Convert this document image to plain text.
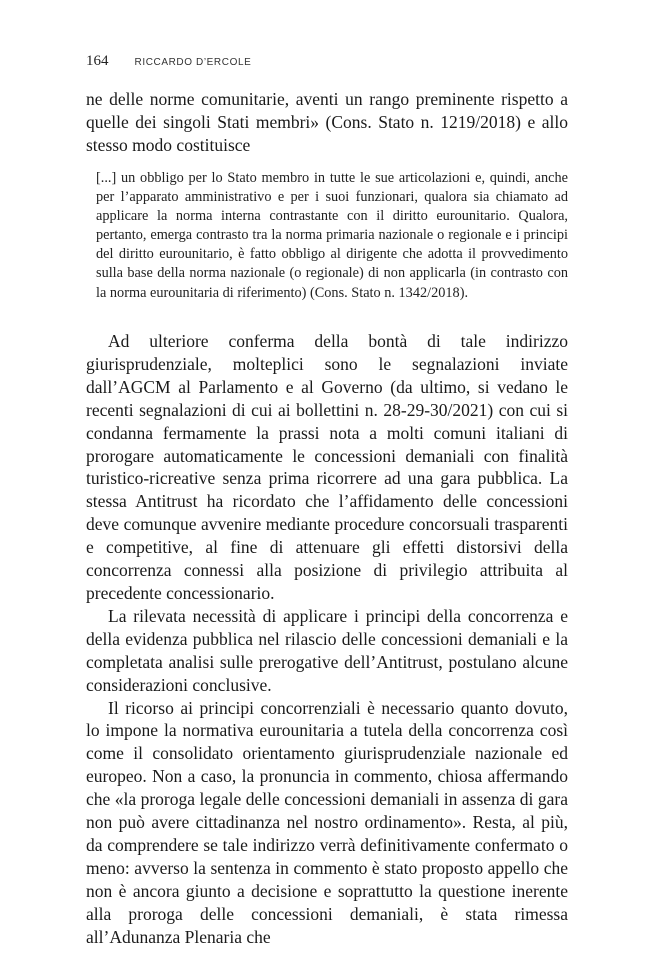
164	RICCARDO D’ERCOLE

ne delle norme comunitarie, aventi un rango preminente rispetto a quelle dei singoli Stati membri» (Cons. Stato n. 1219/2018) e allo stesso modo costituisce

[...] un obbligo per lo Stato membro in tutte le sue articolazioni e, quindi, anche per l’apparato amministrativo e per i suoi funzionari, qualora sia chiamato ad applicare la norma interna contrastante con il diritto eurounitario. Qualora, pertanto, emerga contrasto tra la norma primaria nazionale o regionale e i principi del diritto eurounitario, è fatto obbligo al dirigente che adotta il provvedimento sulla base della norma nazionale (o regionale) di non applicarla (in contrasto con la norma eurounitaria di riferimento) (Cons. Stato n. 1342/2018).

Ad ulteriore conferma della bontà di tale indirizzo giurisprudenziale, molteplici sono le segnalazioni inviate dall’AGCM al Parlamento e al Governo (da ultimo, si vedano le recenti segnalazioni di cui ai bollettini n. 28-29-30/2021) con cui si condanna fermamente la prassi nota a molti comuni italiani di prorogare automaticamente le concessioni demaniali con finalità turistico-ricreative senza prima ricorrere ad una gara pubblica. La stessa Antitrust ha ricordato che l’affidamento delle concessioni deve comunque avvenire mediante procedure concorsuali trasparenti e competitive, al fine di attenuare gli effetti distorsivi della concorrenza connessi alla posizione di privilegio attribuita al precedente concessionario.

La rilevata necessità di applicare i principi della concorrenza e della evidenza pubblica nel rilascio delle concessioni demaniali e la completata analisi sulle prerogative dell’Antitrust, postulano alcune considerazioni conclusive.

Il ricorso ai principi concorrenziali è necessario quanto dovuto, lo impone la normativa eurounitaria a tutela della concorrenza così come il consolidato orientamento giurisprudenziale nazionale ed europeo. Non a caso, la pronuncia in commento, chiosa affermando che «la proroga legale delle concessioni demaniali in assenza di gara non può avere cittadinanza nel nostro ordinamento». Resta, al più, da comprendere se tale indirizzo verrà definitivamente confermato o meno: avverso la sentenza in commento è stato proposto appello che non è ancora giunto a decisione e soprattutto la questione inerente alla proroga delle concessioni demaniali, è stata rimessa all’Adunanza Plenaria che
